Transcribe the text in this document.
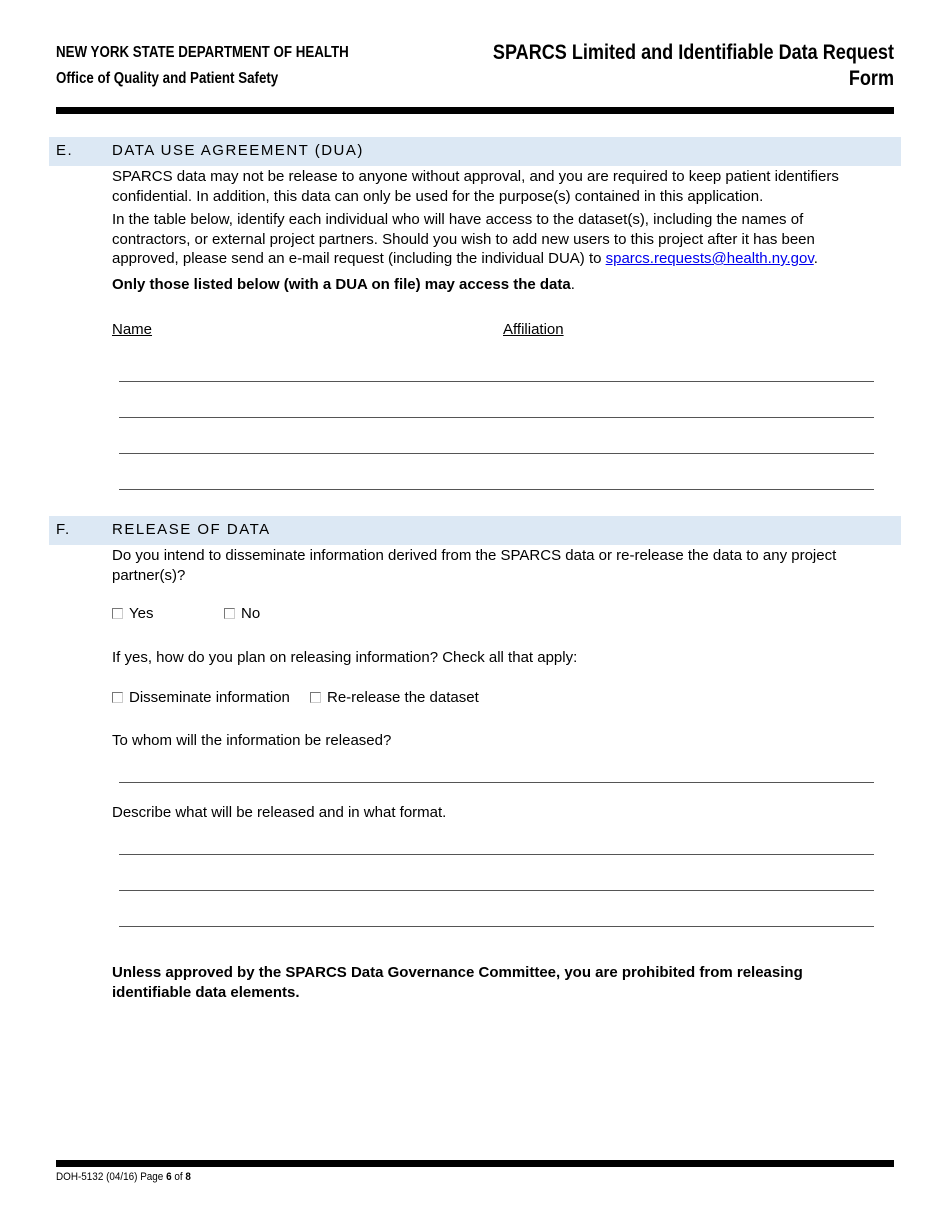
NEW YORK STATE DEPARTMENT OF HEALTH
Office of Quality and Patient Safety
SPARCS Limited and Identifiable Data Request Form
E.	DATA USE AGREEMENT (DUA)
SPARCS data may not be release to anyone without approval, and you are required to keep patient identifiers confidential. In addition, this data can only be used for the purpose(s) contained in this application.
In the table below, identify each individual who will have access to the dataset(s), including the names of contractors, or external project partners. Should you wish to add new users to this project after it has been approved, please send an e-mail request (including the individual DUA) to sparcs.requests@health.ny.gov.
Only those listed below (with a DUA on file) may access the data.
Name	Affiliation
F.	RELEASE OF DATA
Do you intend to disseminate information derived from the SPARCS data or re-release the data to any project partner(s)?
Yes	No
If yes, how do you plan on releasing information? Check all that apply:
Disseminate information	Re-release the dataset
To whom will the information be released?
Describe what will be released and in what format.
Unless approved by the SPARCS Data Governance Committee, you are prohibited from releasing identifiable data elements.
DOH-5132 (04/16) Page 6 of 8
